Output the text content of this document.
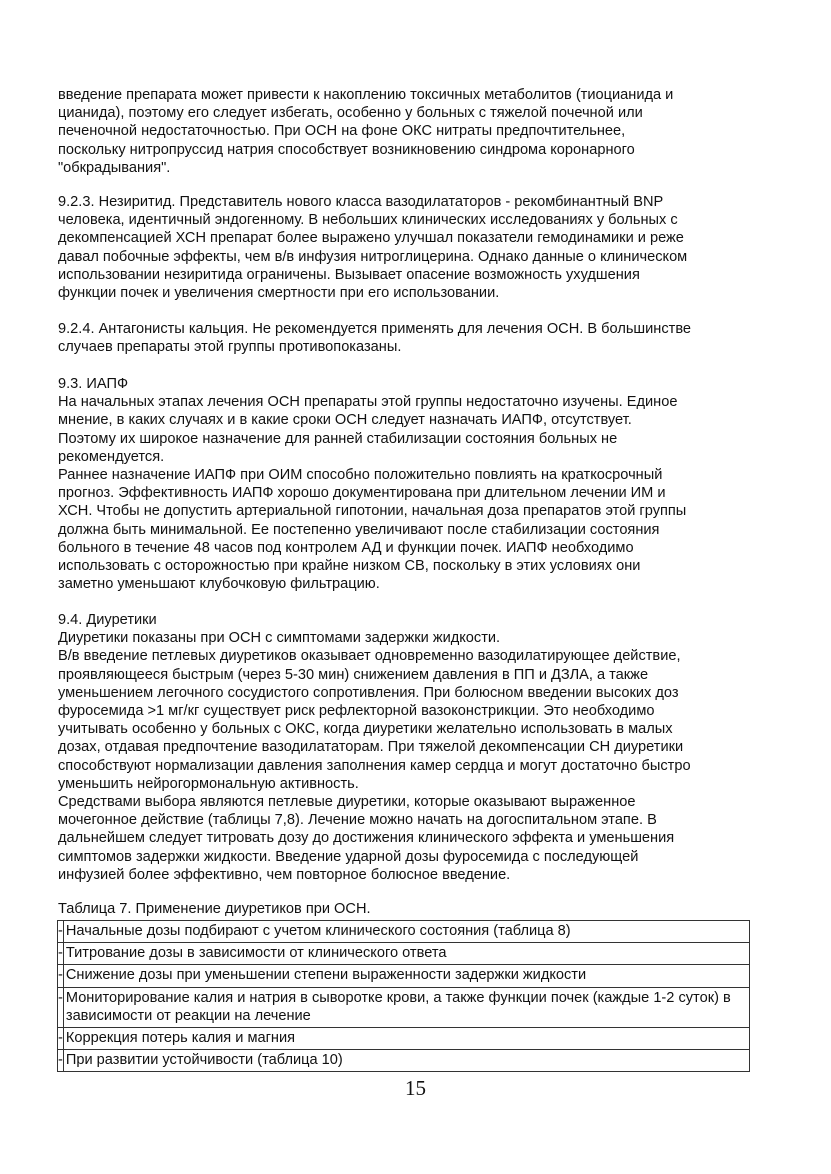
введение препарата может привести к накоплению токсичных метаболитов (тиоцианида и
цианида), поэтому его следует избегать, особенно у больных с тяжелой почечной или
печеночной недостаточностью. При ОСН на фоне ОКС нитраты предпочтительнее,
поскольку нитропруссид натрия способствует возникновению синдрома коронарного
"обкрадывания".
9.2.3. Незиритид. Представитель нового класса вазодилататоров - рекомбинантный BNP
человека, идентичный эндогенному. В небольших клинических исследованиях у больных с
декомпенсацией ХСН препарат более выражено улучшал показатели гемодинамики и реже
давал побочные эффекты, чем в/в инфузия нитроглицерина. Однако данные о клиническом
использовании незиритида ограничены. Вызывает опасение возможность ухудшения
функции почек и увеличения смертности при его использовании.
9.2.4. Антагонисты кальция. Не рекомендуется применять для лечения ОСН. В большинстве
случаев препараты этой группы противопоказаны.
9.3. ИАПФ
На начальных этапах лечения ОСН препараты этой группы недостаточно изучены. Единое
мнение, в каких случаях и в какие сроки ОСН следует назначать ИАПФ, отсутствует.
Поэтому их широкое назначение для ранней стабилизации состояния больных не
рекомендуется.
Раннее назначение ИАПФ при ОИМ способно положительно повлиять на краткосрочный
прогноз. Эффективность ИАПФ хорошо документирована при длительном лечении ИМ и
ХСН. Чтобы не допустить артериальной гипотонии, начальная доза препаратов этой группы
должна быть минимальной. Ее постепенно увеличивают после стабилизации состояния
больного в течение 48 часов под контролем АД и функции почек. ИАПФ необходимо
использовать с осторожностью при крайне низком СВ, поскольку в этих условиях они
заметно уменьшают клубочковую фильтрацию.
9.4. Диуретики
Диуретики показаны при ОСН с симптомами задержки жидкости.
В/в введение петлевых диуретиков оказывает одновременно вазодилатирующее действие,
проявляющееся быстрым (через 5-30 мин) снижением давления в ПП и ДЗЛА, а также
уменьшением легочного сосудистого сопротивления. При болюсном введении высоких доз
фуросемида >1 мг/кг существует риск рефлекторной вазоконстрикции. Это необходимо
учитывать особенно у больных с ОКС, когда диуретики желательно использовать в малых
дозах, отдавая предпочтение вазодилататорам. При тяжелой декомпенсации СН диуретики
способствуют нормализации давления заполнения камер сердца и могут достаточно быстро
уменьшить нейрогормональную активность.
Средствами выбора являются петлевые диуретики, которые оказывают выраженное
мочегонное действие (таблицы 7,8). Лечение можно начать на догоспитальном этапе. В
дальнейшем следует титровать дозу до достижения клинического эффекта и уменьшения
симптомов задержки жидкости. Введение ударной дозы фуросемида с последующей
инфузией более эффективно, чем повторное болюсное введение.
Таблица 7. Применение диуретиков при ОСН.
-	Начальные дозы подбирают с учетом клинического состояния (таблица 8)
-	Титрование дозы в зависимости от клинического ответа
-	Снижение дозы при уменьшении степени выраженности задержки жидкости
-	Мониторирование калия и натрия в сыворотке крови, а также функции почек (каждые 1-2 суток) в зависимости от реакции на лечение
-	Коррекция потерь калия и магния
-	При развитии устойчивости (таблица 10)
15
